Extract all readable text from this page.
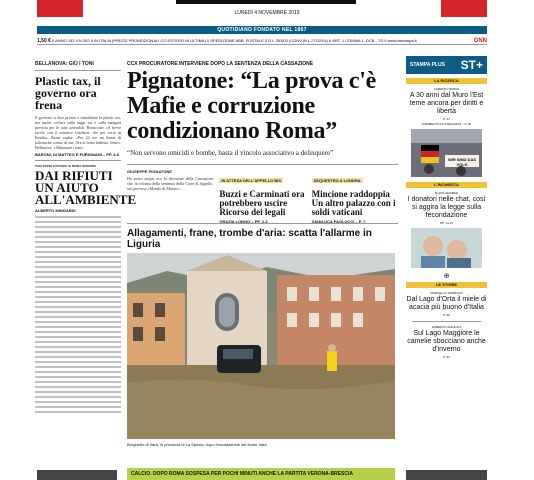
LUNEDÌ 4 NOVEMBRE 2019
QUOTIDIANO FONDATO NEL 1867
1,50 € II ANNO 153 II N.302 II IN ITALIA (PREZZI PROMOZIONALI CO ESTERO IN ULTIMA) II SPEDIZIONE ABB. POSTALE II D.L.353/03 (CONV.IN L.27/02/04) II ART. 1 COMMA 1, DCB - TO II www.lastampa.it	GNN
BELLANOVA: GIÙ I TONI
Plastic tax, il governo ora frena

Il governo ci dice pronto a rimodulare la plastic tax, ma anche «offrire sulla sugar tax e sulla stangata prevista per le auto aziendali. Bonaccini: «A breve tavolo con il ministro Gualtieri, che poi verrà in Emilia». Renzi esulta: «Per 24 ore un fiume di polemiche contro di me. Ora si torna indietro, bene». Bellanova: «Abbassare i toni».

BARONI, DI MATTEO E FURIGNANI – PP. 4-6
CON TASSE EVITABILI SI RUINA SIGNORA
DAI RIFIUTI UN AIUTO ALL'AMBIENTE
ALBERTO MINGARDI
CCX PROCURATORE INTERVIENE DOPO LA SENTENZA DELLA CASSAZIONE
Pignatone: “La prova c'è Mafie e corruzione condizionano Roma”
“Non servono omicidi e bombe, basta il vincolo associativo a delinquere”
GIUSEPPE PIGNATONE

Ho avuto ampio eco la decisione della Cassazione che, in riforma della sentenza della Corte di Appello, sul processo «Mondo di Mezzo»...

IN ATTESA DELL'APPELLO BIS
Buzzi e Carminati ora potrebbero uscire Ricorso dei legali
GRAZIA LONGO – PP. 2-3
SEQUESTRO A LONDRA
Mincione raddoppia Un altro palazzo con i soldi vaticani
GIANLUCA PAOLUCCI – P. 7
Allagamenti, frane, trombe d'aria: scatta l'allarme in Liguria
Borghetto di Vara, in provincia di La Spezia, dopo l'esondazione del fiume Vara
CALCIO. DOPO ROMA SOSPESA PER POCHI MINUTI ANCHE LA PARTITA VERONA-BRESCIA
STAMPA PLUS ST+
LA RICERCA
ALBERTO SIMONI
A 30 anni dal Muro l'Est teme ancora per diritti e libertà
P. 17
COMMENTO DI STEFANONI – P. 25
WIR SIND DAS VOLK
L'INCHIESTA
FLAVIA AMABILE
I donatori nelle chat, così si aggira la legge sulla fecondazione
PP. 14-15
⊕
LE STORIE
MARCELLO GIORDANI
Dal Lago d'Orta il miele di acacia più buono d'Italia
P. 35
ROBERTO ANGIULIS
Sul Lago Maggiore le camelie sbocciano anche d'inverno
P. 33
